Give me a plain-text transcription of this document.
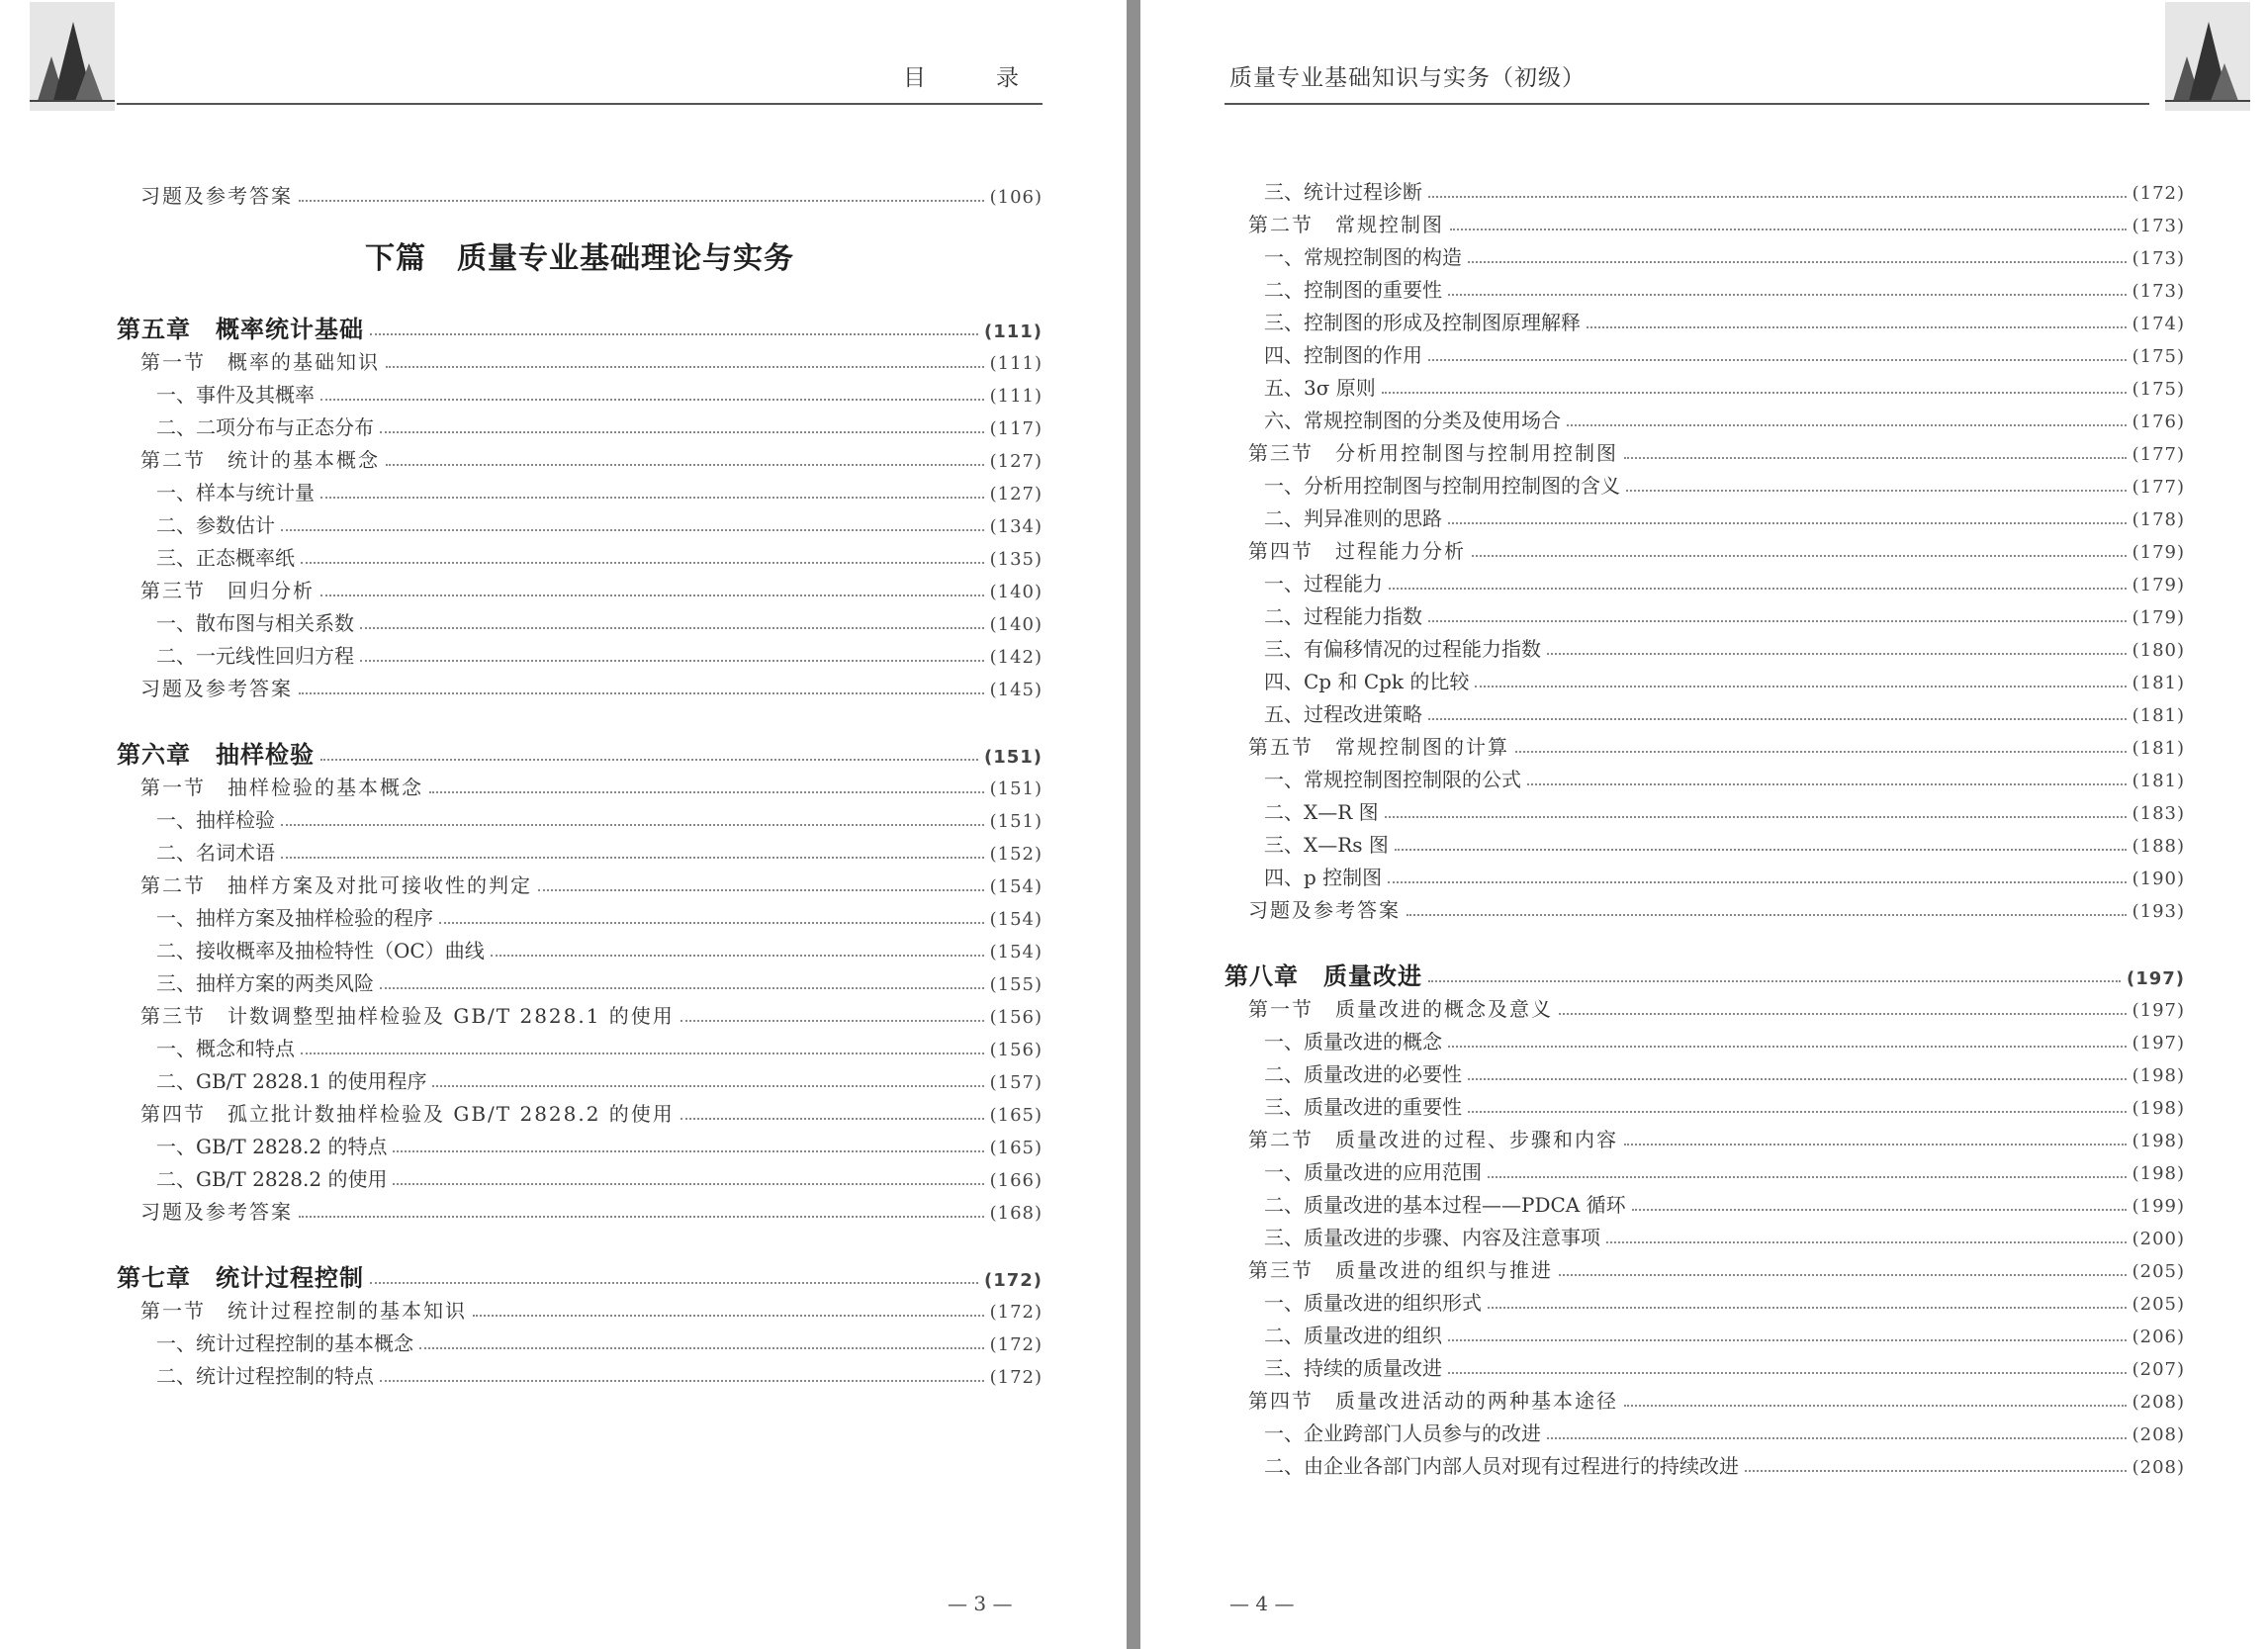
目　录
习题及参考答案	(106)
下篇　质量专业基础理论与实务
第五章　概率统计基础	(111)
第一节　概率的基础知识	(111)
一、事件及其概率	(111)
二、二项分布与正态分布	(117)
第二节　统计的基本概念	(127)
一、样本与统计量	(127)
二、参数估计	(134)
三、正态概率纸	(135)
第三节　回归分析	(140)
一、散布图与相关系数	(140)
二、一元线性回归方程	(142)
习题及参考答案	(145)
第六章　抽样检验	(151)
第一节　抽样检验的基本概念	(151)
一、抽样检验	(151)
二、名词术语	(152)
第二节　抽样方案及对批可接收性的判定	(154)
一、抽样方案及抽样检验的程序	(154)
二、接收概率及抽检特性（OC）曲线	(154)
三、抽样方案的两类风险	(155)
第三节　计数调整型抽样检验及 GB/T 2828.1 的使用	(156)
一、概念和特点	(156)
二、GB/T 2828.1 的使用程序	(157)
第四节　孤立批计数抽样检验及 GB/T 2828.2 的使用	(165)
一、GB/T 2828.2 的特点	(165)
二、GB/T 2828.2 的使用	(166)
习题及参考答案	(168)
第七章　统计过程控制	(172)
第一节　统计过程控制的基本知识	(172)
一、统计过程控制的基本概念	(172)
二、统计过程控制的特点	(172)
— 3 —
质量专业基础知识与实务（初级）
三、统计过程诊断	(172)
第二节　常规控制图	(173)
一、常规控制图的构造	(173)
二、控制图的重要性	(173)
三、控制图的形成及控制图原理解释	(174)
四、控制图的作用	(175)
五、3σ 原则	(175)
六、常规控制图的分类及使用场合	(176)
第三节　分析用控制图与控制用控制图	(177)
一、分析用控制图与控制用控制图的含义	(177)
二、判异准则的思路	(178)
第四节　过程能力分析	(179)
一、过程能力	(179)
二、过程能力指数	(179)
三、有偏移情况的过程能力指数	(180)
四、Cp 和 Cpk 的比较	(181)
五、过程改进策略	(181)
第五节　常规控制图的计算	(181)
一、常规控制图控制限的公式	(181)
二、X—R 图	(183)
三、X—Rs 图	(188)
四、p 控制图	(190)
习题及参考答案	(193)
第八章　质量改进	(197)
第一节　质量改进的概念及意义	(197)
一、质量改进的概念	(197)
二、质量改进的必要性	(198)
三、质量改进的重要性	(198)
第二节　质量改进的过程、步骤和内容	(198)
一、质量改进的应用范围	(198)
二、质量改进的基本过程——PDCA 循环	(199)
三、质量改进的步骤、内容及注意事项	(200)
第三节　质量改进的组织与推进	(205)
一、质量改进的组织形式	(205)
二、质量改进的组织	(206)
三、持续的质量改进	(207)
第四节　质量改进活动的两种基本途径	(208)
一、企业跨部门人员参与的改进	(208)
二、由企业各部门内部人员对现有过程进行的持续改进	(208)
— 4 —
